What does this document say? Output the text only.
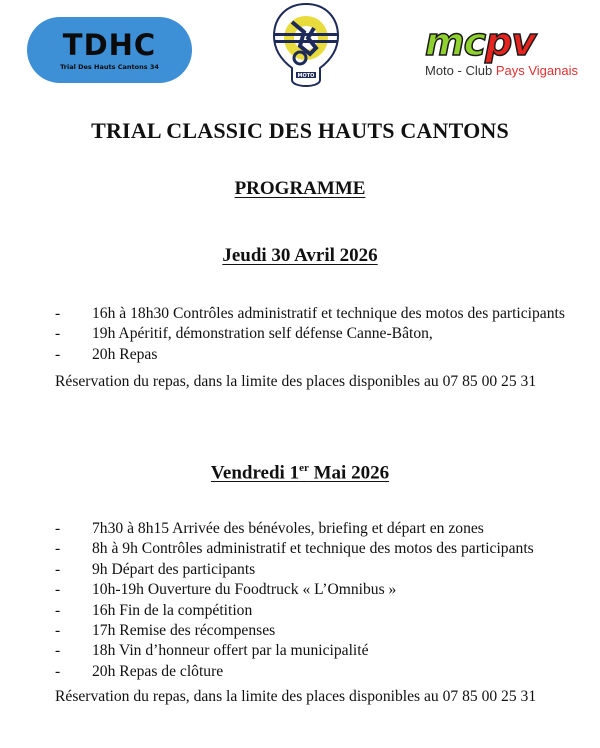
TDHC
Trial Des Hauts Cantons 34
MOTO
mcpv
Moto - Club Pays Viganais
TRIAL CLASSIC DES HAUTS CANTONS
PROGRAMME
Jeudi 30 Avril 2026
- 16h à 18h30 Contrôles administratif et technique des motos des participants
- 19h Apéritif, démonstration self défense Canne-Bâton,
- 20h Repas
Réservation du repas, dans la limite des places disponibles au 07 85 00 25 31
Vendredi 1er Mai 2026
- 7h30 à 8h15 Arrivée des bénévoles, briefing et départ en zones
- 8h à 9h Contrôles administratif et technique des motos des participants
- 9h Départ des participants
- 10h-19h Ouverture du Foodtruck « L’Omnibus »
- 16h Fin de la compétition
- 17h Remise des récompenses
- 18h Vin d’honneur offert par la municipalité
- 20h Repas de clôture
Réservation du repas, dans la limite des places disponibles au 07 85 00 25 31
